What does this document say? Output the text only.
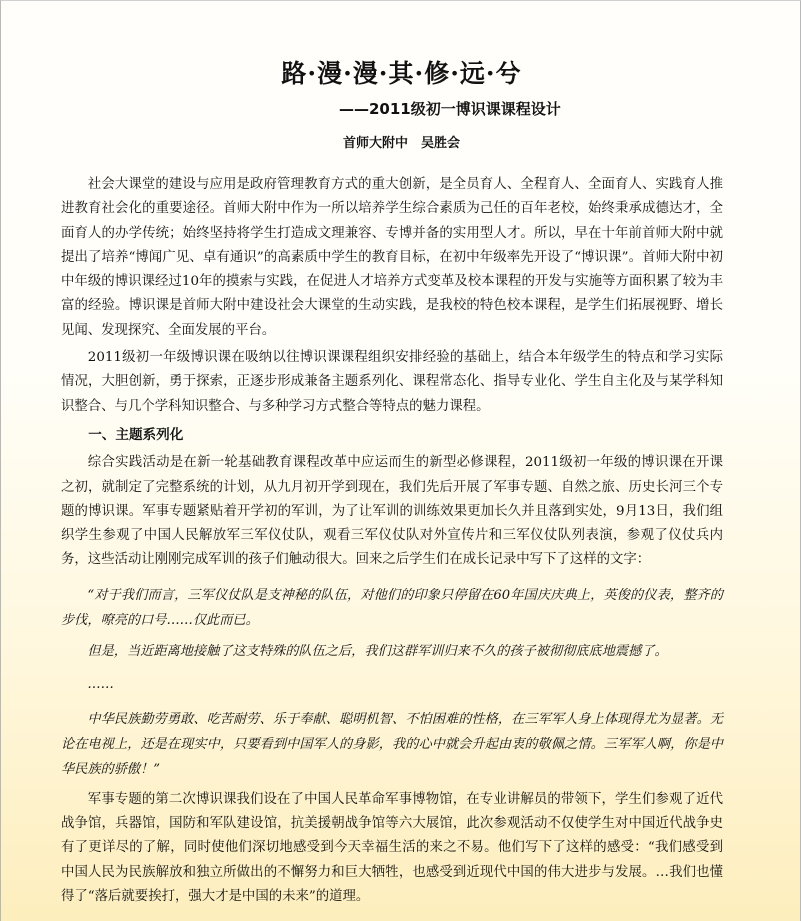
路·漫·漫·其·修·远·兮
——2011级初一博识课课程设计
首师大附中　吴胜会

社会大课堂的建设与应用是政府管理教育方式的重大创新，是全员育人、全程育人、全面育人、实践育人推进教育社会化的重要途径。首师大附中作为一所以培养学生综合素质为己任的百年老校，始终秉承成德达才，全面育人的办学传统；始终坚持将学生打造成文理兼容、专博并备的实用型人才。所以，早在十年前首师大附中就提出了培养“博闻广见、卓有通识”的高素质中学生的教育目标，在初中年级率先开设了“博识课”。首师大附中初中年级的博识课经过10年的摸索与实践，在促进人才培养方式变革及校本课程的开发与实施等方面积累了较为丰富的经验。博识课是首师大附中建设社会大课堂的生动实践，是我校的特色校本课程，是学生们拓展视野、增长见闻、发现探究、全面发展的平台。

2011级初一年级博识课在吸纳以往博识课课程组织安排经验的基础上，结合本年级学生的特点和学习实际情况，大胆创新，勇于探索，正逐步形成兼备主题系列化、课程常态化、指导专业化、学生自主化及与某学科知识整合、与几个学科知识整合、与多种学习方式整合等特点的魅力课程。

一、主题系列化

综合实践活动是在新一轮基础教育课程改革中应运而生的新型必修课程，2011级初一年级的博识课在开课之初，就制定了完整系统的计划，从九月初开学到现在，我们先后开展了军事专题、自然之旅、历史长河三个专题的博识课。军事专题紧贴着开学初的军训，为了让军训的训练效果更加长久并且落到实处，9月13日，我们组织学生参观了中国人民解放军三军仪仗队，观看三军仪仗队对外宣传片和三军仪仗队列表演，参观了仪仗兵内务，这些活动让刚刚完成军训的孩子们触动很大。回来之后学生们在成长记录中写下了这样的文字：

“对于我们而言，三军仪仗队是支神秘的队伍，对他们的印象只停留在60年国庆庆典上，英俊的仪表，整齐的步伐，嘹亮的口号……仅此而已。

但是，当近距离地接触了这支特殊的队伍之后，我们这群军训归来不久的孩子被彻彻底底地震撼了。

……

中华民族勤劳勇敢、吃苦耐劳、乐于奉献、聪明机智、不怕困难的性格，在三军军人身上体现得尤为显著。无论在电视上，还是在现实中，只要看到中国军人的身影，我的心中就会升起由衷的敬佩之情。三军军人啊，你是中华民族的骄傲！”

军事专题的第二次博识课我们设在了中国人民革命军事博物馆，在专业讲解员的带领下，学生们参观了近代战争馆，兵器馆，国防和军队建设馆，抗美援朝战争馆等六大展馆，此次参观活动不仅使学生对中国近代战争史有了更详尽的了解，同时使他们深切地感受到今天幸福生活的来之不易。他们写下了这样的感受：“我们感受到中国人民为民族解放和独立所做出的不懈努力和巨大牺牲，也感受到近现代中国的伟大进步与发展。…我们也懂得了“落后就要挨打，强大才是中国的未来”的道理。
